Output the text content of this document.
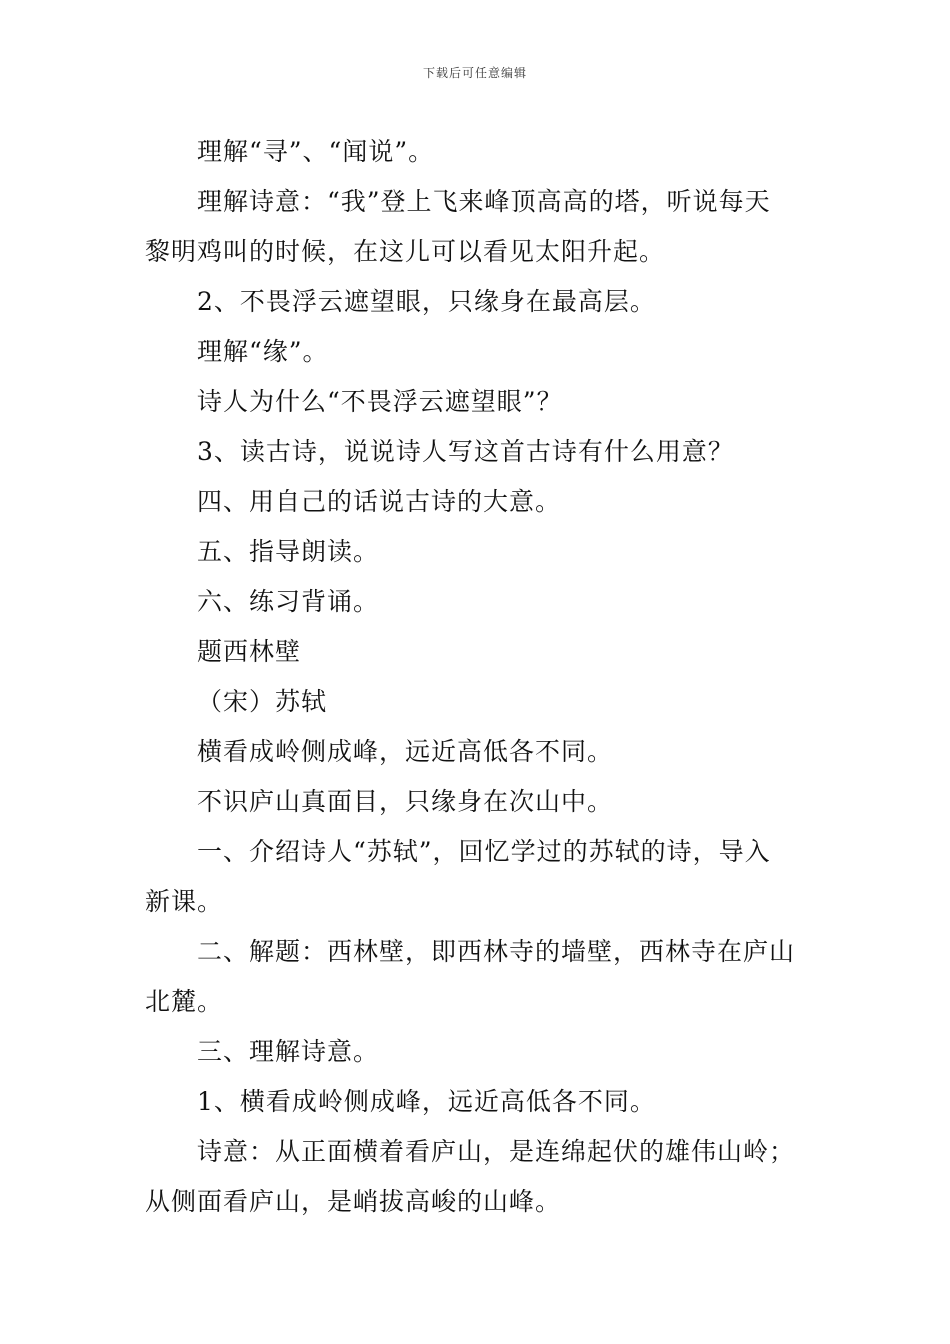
下载后可任意编辑
理解“寻”、“闻说”。
理解诗意：“我”登上飞来峰顶高高的塔，听说每天
黎明鸡叫的时候，在这儿可以看见太阳升起。
2、不畏浮云遮望眼，只缘身在最高层。
理解“缘”。
诗人为什么“不畏浮云遮望眼”？
3、读古诗，说说诗人写这首古诗有什么用意？
四、用自己的话说古诗的大意。
五、指导朗读。
六、练习背诵。
题西林壁
（宋）苏轼
横看成岭侧成峰，远近高低各不同。
不识庐山真面目，只缘身在次山中。
一、介绍诗人“苏轼”，回忆学过的苏轼的诗，导入
新课。
二、解题：西林壁，即西林寺的墙壁，西林寺在庐山
北麓。
三、理解诗意。
1、横看成岭侧成峰，远近高低各不同。
诗意：从正面横着看庐山，是连绵起伏的雄伟山岭；
从侧面看庐山，是峭拔高峻的山峰。
